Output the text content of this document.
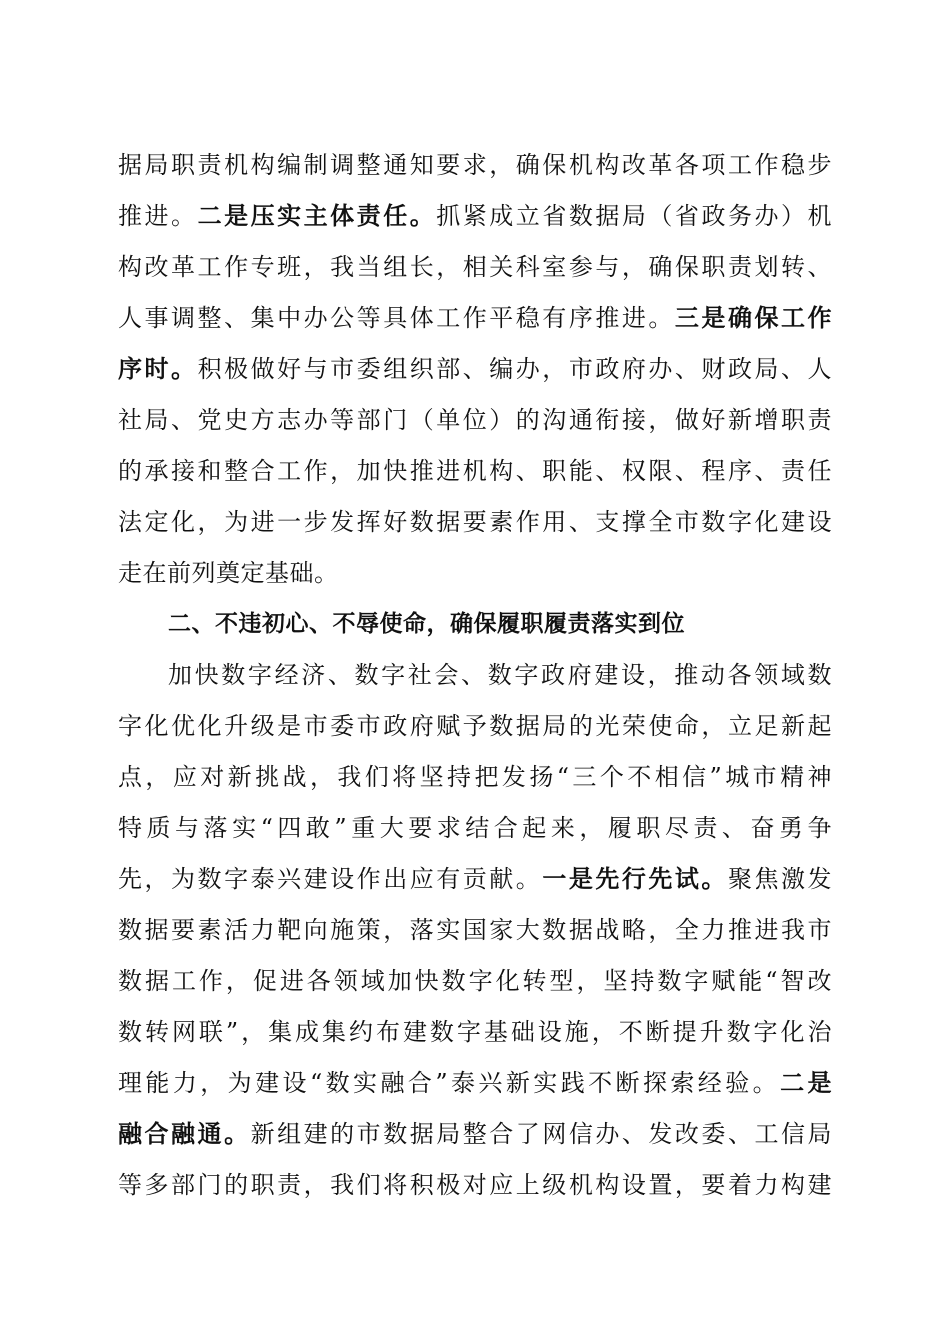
据局职责机构编制调整通知要求，确保机构改革各项工作稳步
推进。二是压实主体责任。抓紧成立省数据局（省政务办）机
构改革工作专班，我当组长，相关科室参与，确保职责划转、
人事调整、集中办公等具体工作平稳有序推进。三是确保工作
序时。积极做好与市委组织部、编办，市政府办、财政局、人
社局、党史方志办等部门（单位）的沟通衔接，做好新增职责
的承接和整合工作，加快推进机构、职能、权限、程序、责任
法定化，为进一步发挥好数据要素作用、支撑全市数字化建设
走在前列奠定基础。
二、不违初心、不辱使命，确保履职履责落实到位
加快数字经济、数字社会、数字政府建设，推动各领域数
字化优化升级是市委市政府赋予数据局的光荣使命，立足新起
点，应对新挑战，我们将坚持把发扬“三个不相信”城市精神
特质与落实“四敢”重大要求结合起来，履职尽责、奋勇争
先，为数字泰兴建设作出应有贡献。一是先行先试。聚焦激发
数据要素活力靶向施策，落实国家大数据战略，全力推进我市
数据工作，促进各领域加快数字化转型，坚持数字赋能“智改
数转网联”，集成集约布建数字基础设施，不断提升数字化治
理能力，为建设“数实融合”泰兴新实践不断探索经验。二是
融合融通。新组建的市数据局整合了网信办、发改委、工信局
等多部门的职责，我们将积极对应上级机构设置，要着力构建
